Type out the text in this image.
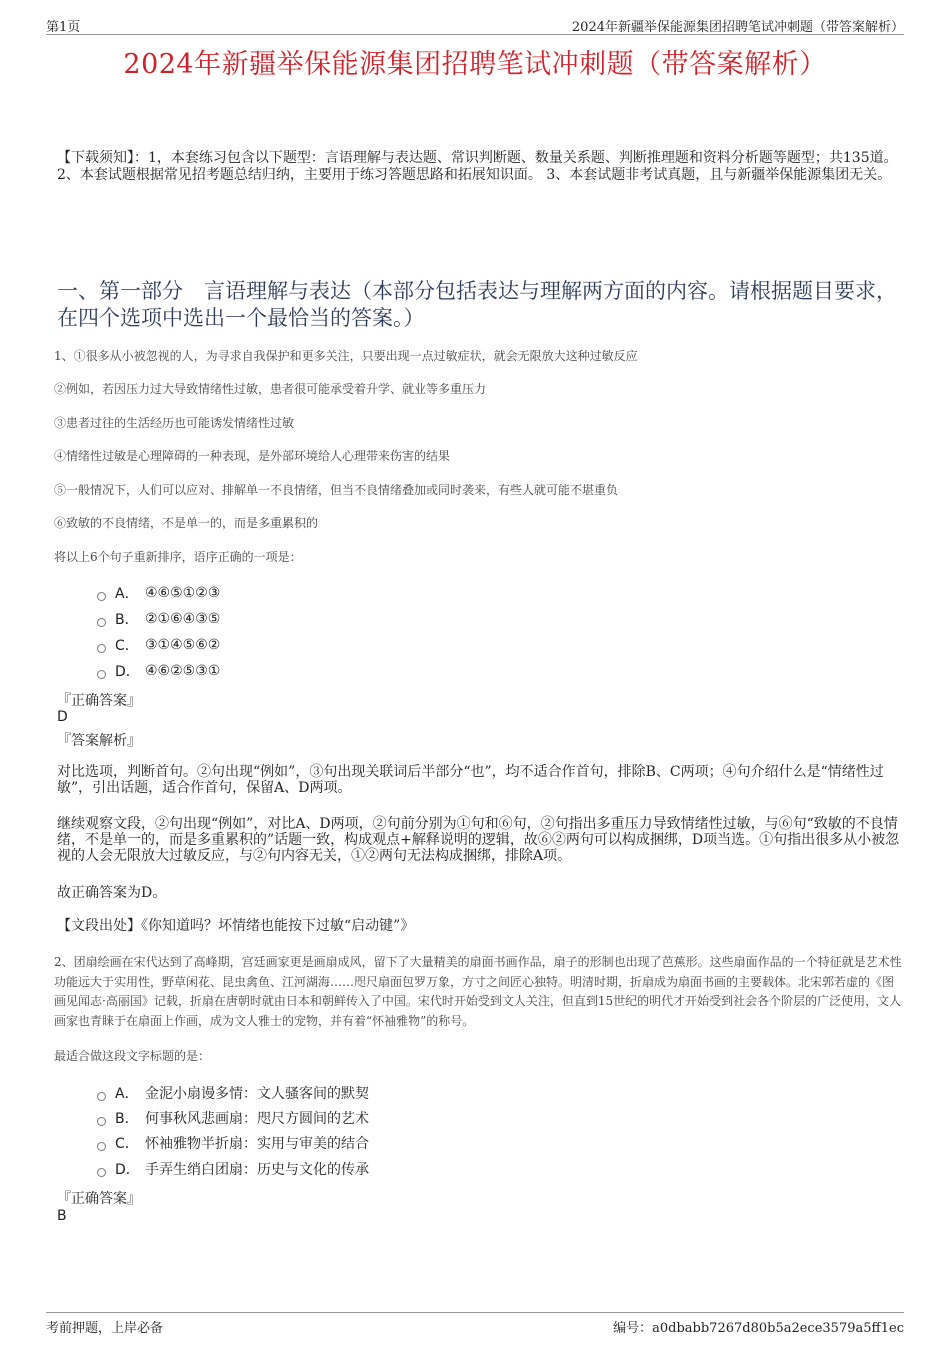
第1页	2024年新疆举保能源集团招聘笔试冲刺题（带答案解析）
2024年新疆举保能源集团招聘笔试冲刺题（带答案解析）
【下载须知】：1，本套练习包含以下题型：言语理解与表达题、常识判断题、数量关系题、判断推理题和资料分析题等题型；共135道。 2、本套试题根据常见招考题总结归纳，主要用于练习答题思路和拓展知识面。 3、本套试题非考试真题，且与新疆举保能源集团无关。
一、第一部分　言语理解与表达（本部分包括表达与理解两方面的内容。请根据题目要求，在四个选项中选出一个最恰当的答案。）
1、①很多从小被忽视的人，为寻求自我保护和更多关注，只要出现一点过敏症状，就会无限放大这种过敏反应
②例如，若因压力过大导致情绪性过敏，患者很可能承受着升学、就业等多重压力
③患者过往的生活经历也可能诱发情绪性过敏
④情绪性过敏是心理障碍的一种表现，是外部环境给人心理带来伤害的结果
⑤一般情况下，人们可以应对、排解单一不良情绪，但当不良情绪叠加或同时袭来，有些人就可能不堪重负
⑥致敏的不良情绪，不是单一的，而是多重累积的
将以上6个句子重新排序，语序正确的一项是：
A． ④⑥⑤①②③
B． ②①⑥④③⑤
C． ③①④⑤⑥②
D． ④⑥②⑤③①
『正确答案』
D
『答案解析』
对比选项，判断首句。②句出现“例如”，③句出现关联词后半部分“也”，均不适合作首句，排除B、C两项；④句介绍什么是“情绪性过敏”，引出话题，适合作首句，保留A、D两项。
继续观察文段，②句出现“例如”，对比A、D两项，②句前分别为①句和⑥句，②句指出多重压力导致情绪性过敏，与⑥句“致敏的不良情绪，不是单一的，而是多重累积的”话题一致，构成观点+解释说明的逻辑，故⑥②两句可以构成捆绑，D项当选。①句指出很多从小被忽视的人会无限放大过敏反应，与②句内容无关，①②两句无法构成捆绑，排除A项。
故正确答案为D。
【文段出处】《你知道吗？坏情绪也能按下过敏“启动键”》
2、团扇绘画在宋代达到了高峰期，宫廷画家更是画扇成风，留下了大量精美的扇面书画作品，扇子的形制也出现了芭蕉形。这些扇面作品的一个特征就是艺术性功能远大于实用性，野草闲花、昆虫禽鱼、江河湖海……咫尺扇面包罗万象，方寸之间匠心独特。明清时期，折扇成为扇面书画的主要载体。北宋郭若虚的《图画见闻志·高丽国》记载，折扇在唐朝时就由日本和朝鲜传入了中国。宋代时开始受到文人关注，但直到15世纪的明代才开始受到社会各个阶层的广泛使用，文人画家也青睐于在扇面上作画，成为文人雅士的宠物，并有着“怀袖雅物”的称号。
最适合做这段文字标题的是：
A． 金泥小扇谩多情：文人骚客间的默契
B． 何事秋风悲画扇：咫尺方圆间的艺术
C． 怀袖雅物半折扇：实用与审美的结合
D． 手弄生绡白团扇：历史与文化的传承
『正确答案』
B
考前押题，上岸必备	编号：a0dbabb7267d80b5a2ece3579a5ff1ec
